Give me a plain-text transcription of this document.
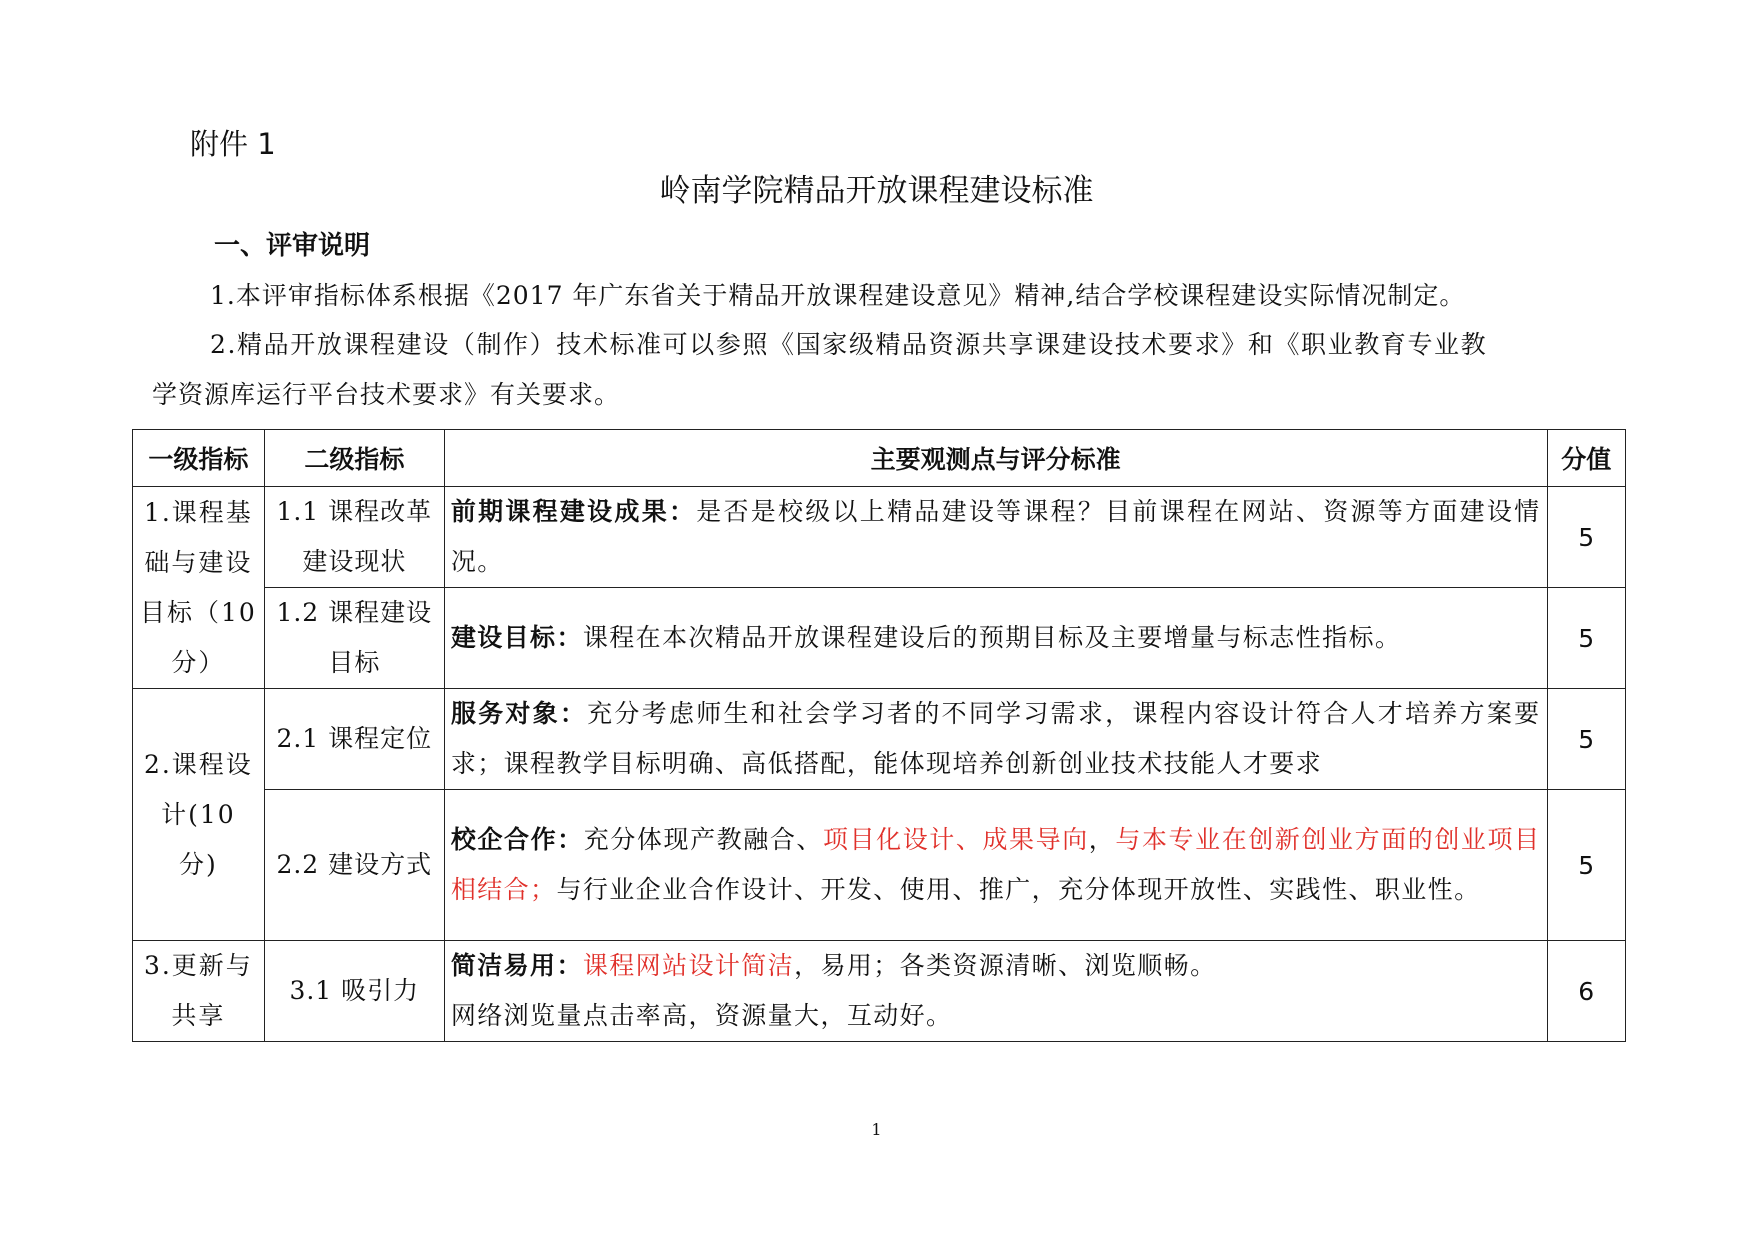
附件 1
岭南学院精品开放课程建设标准
一、评审说明
1.本评审指标体系根据《2017 年广东省关于精品开放课程建设意见》精神,结合学校课程建设实际情况制定。
2.精品开放课程建设（制作）技术标准可以参照《国家级精品资源共享课建设技术要求》和《职业教育专业教
学资源库运行平台技术要求》有关要求。
一级指标	二级指标	主要观测点与评分标准	分值
1.课程基础与建设目标（10分）	1.1 课程改革建设现状	前期课程建设成果：是否是校级以上精品建设等课程？目前课程在网站、资源等方面建设情况。	5
	1.2 课程建设目标	建设目标：课程在本次精品开放课程建设后的预期目标及主要增量与标志性指标。	5
2.课程设计(10 分)	2.1 课程定位	服务对象：充分考虑师生和社会学习者的不同学习需求，课程内容设计符合人才培养方案要求；课程教学目标明确、高低搭配，能体现培养创新创业技术技能人才要求	5
	2.2 建设方式	校企合作：充分体现产教融合、项目化设计、成果导向，与本专业在创新创业方面的创业项目相结合；与行业企业合作设计、开发、使用、推广，充分体现开放性、实践性、职业性。	5
3.更新与共享	3.1 吸引力	简洁易用：课程网站设计简洁，易用；各类资源清晰、浏览顺畅。
网络浏览量点击率高，资源量大，互动好。	6
1
